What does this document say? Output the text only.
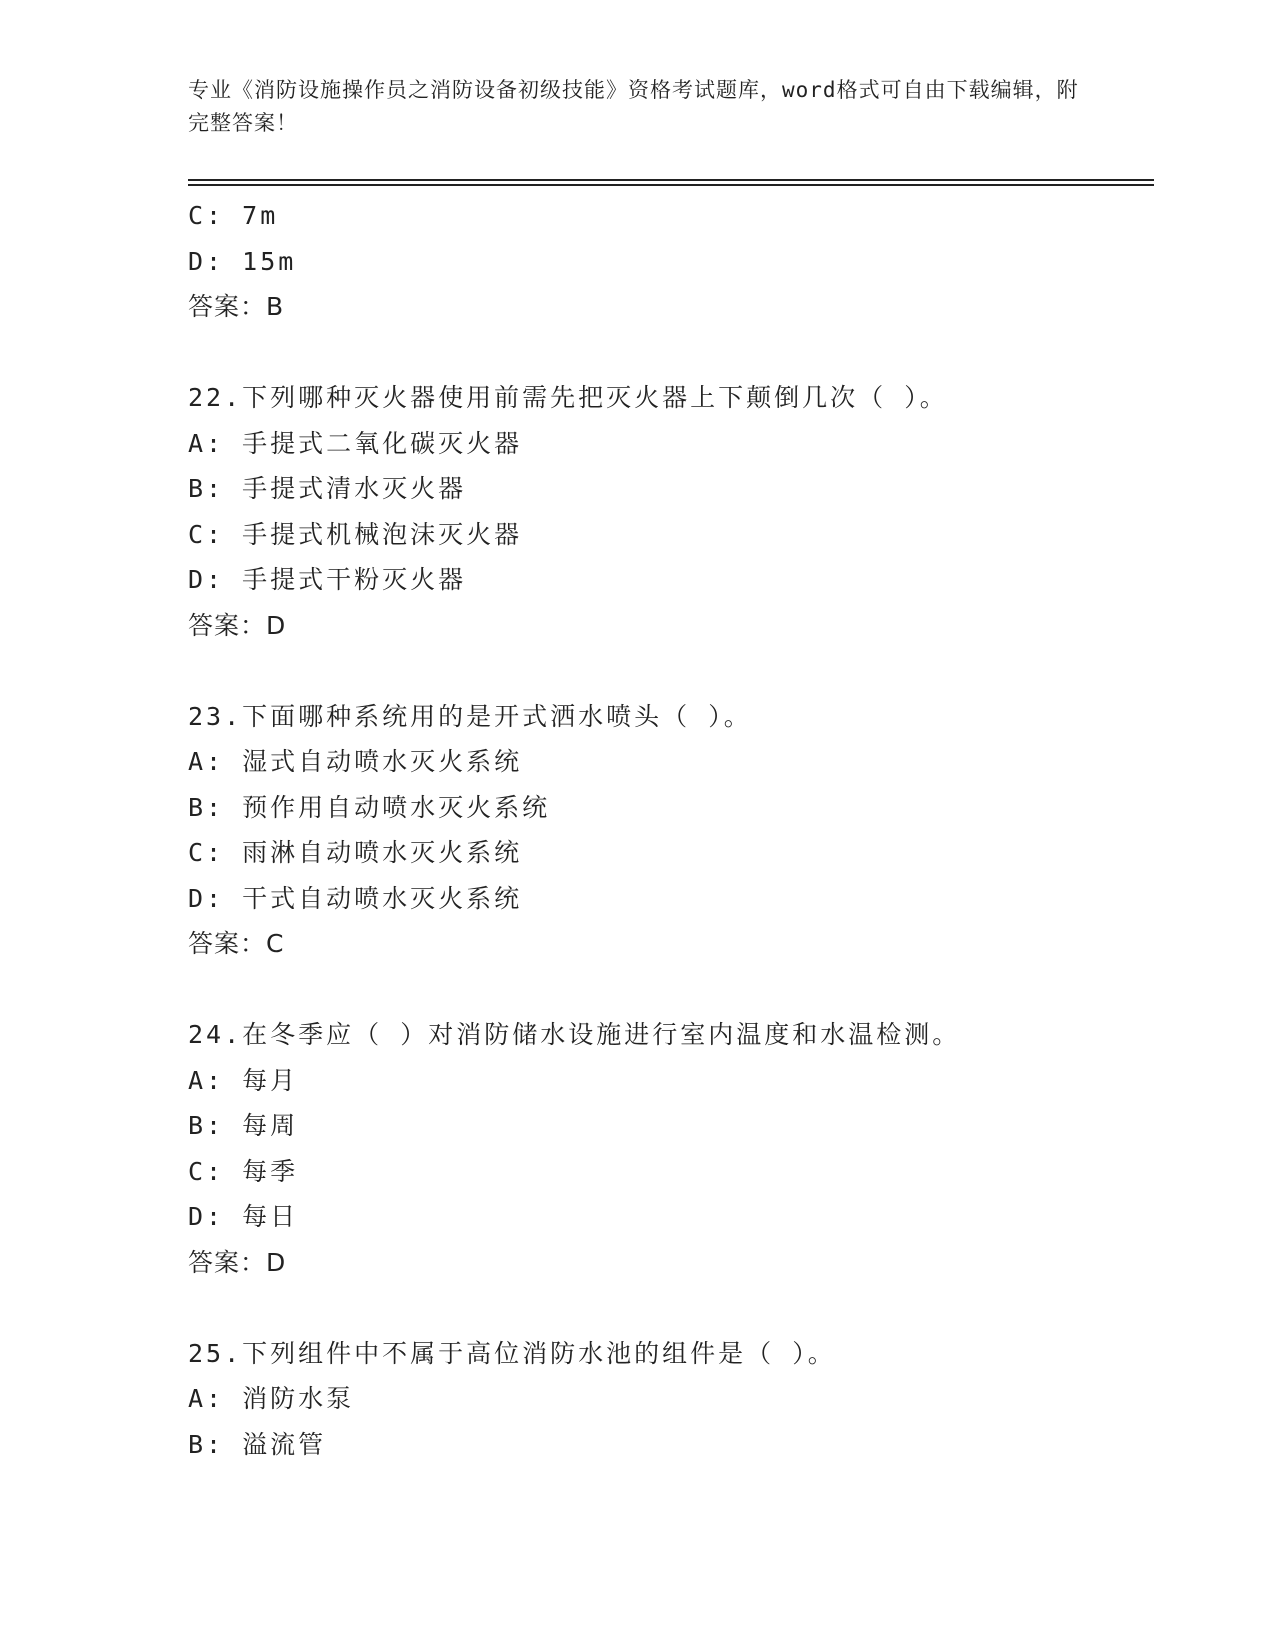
专业《消防设施操作员之消防设备初级技能》资格考试题库，word格式可自由下载编辑，附完整答案！
C: 7m
D: 15m
答案：B
22.下列哪种灭火器使用前需先把灭火器上下颠倒几次（ ）。
A: 手提式二氧化碳灭火器
B: 手提式清水灭火器
C: 手提式机械泡沫灭火器
D: 手提式干粉灭火器
答案：D
23.下面哪种系统用的是开式洒水喷头（ ）。
A: 湿式自动喷水灭火系统
B: 预作用自动喷水灭火系统
C: 雨淋自动喷水灭火系统
D: 干式自动喷水灭火系统
答案：C
24.在冬季应（ ）对消防储水设施进行室内温度和水温检测。
A: 每月
B: 每周
C: 每季
D: 每日
答案：D
25.下列组件中不属于高位消防水池的组件是（ ）。
A: 消防水泵
B: 溢流管
